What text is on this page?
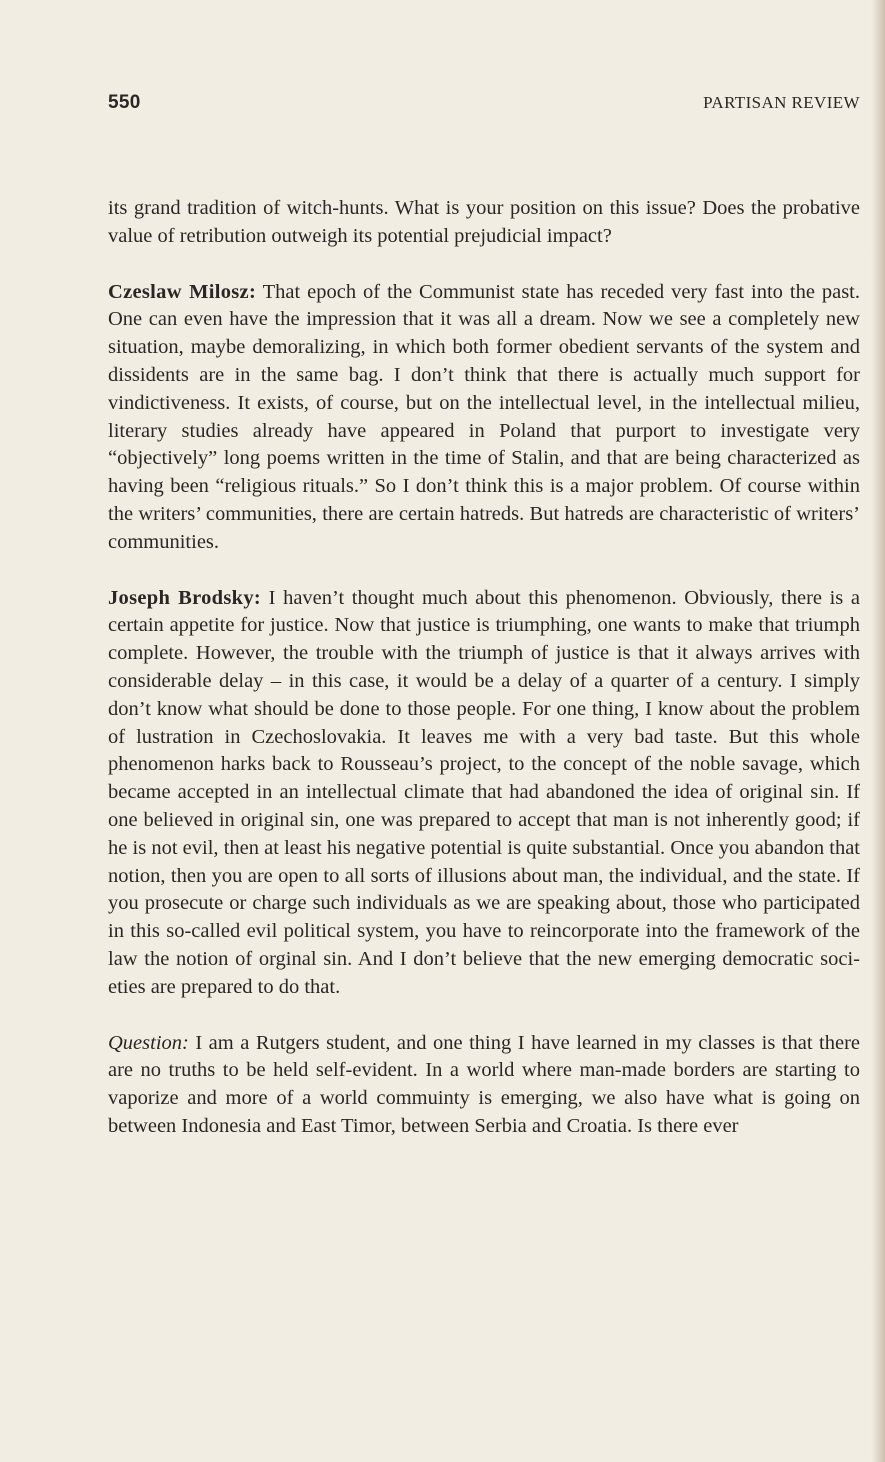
550	PARTISAN REVIEW

its grand tradition of witch-hunts. What is your position on this issue? Does the probative value of retribution outweigh its potential prejudicial impact?

Czeslaw Milosz: That epoch of the Communist state has receded very fast into the past. One can even have the impression that it was all a dream. Now we see a completely new situation, maybe demoralizing, in which both former obedient servants of the system and dissidents are in the same bag. I don’t think that there is actually much support for vindictiveness. It exists, of course, but on the intellectual level, in the intellectual milieu, literary studies already have appeared in Poland that purport to investigate very “objectively” long poems written in the time of Stalin, and that are being characterized as having been “religious rituals.” So I don’t think this is a major problem. Of course within the writers’ communities, there are certain hatreds. But hatreds are characteristic of writers’ communities.

Joseph Brodsky: I haven’t thought much about this phenomenon. Obviously, there is a certain appetite for justice. Now that justice is triumphing, one wants to make that triumph complete. However, the trouble with the triumph of justice is that it always arrives with considerable delay – in this case, it would be a delay of a quarter of a century. I simply don’t know what should be done to those people. For one thing, I know about the problem of lustration in Czechoslovakia. It leaves me with a very bad taste. But this whole phenomenon harks back to Rousseau’s project, to the concept of the noble savage, which became accepted in an intellectual climate that had abandoned the idea of original sin. If one believed in original sin, one was prepared to accept that man is not inherently good; if he is not evil, then at least his negative potential is quite substantial. Once you abandon that notion, then you are open to all sorts of illusions about man, the individual, and the state. If you prosecute or charge such individuals as we are speaking about, those who participated in this so-called evil political system, you have to reincorporate into the framework of the law the notion of orginal sin. And I don’t believe that the new emerging democratic societies are prepared to do that.

Question: I am a Rutgers student, and one thing I have learned in my classes is that there are no truths to be held self-evident. In a world where man-made borders are starting to vaporize and more of a world commuinty is emerging, we also have what is going on between Indonesia and East Timor, between Serbia and Croatia. Is there ever
